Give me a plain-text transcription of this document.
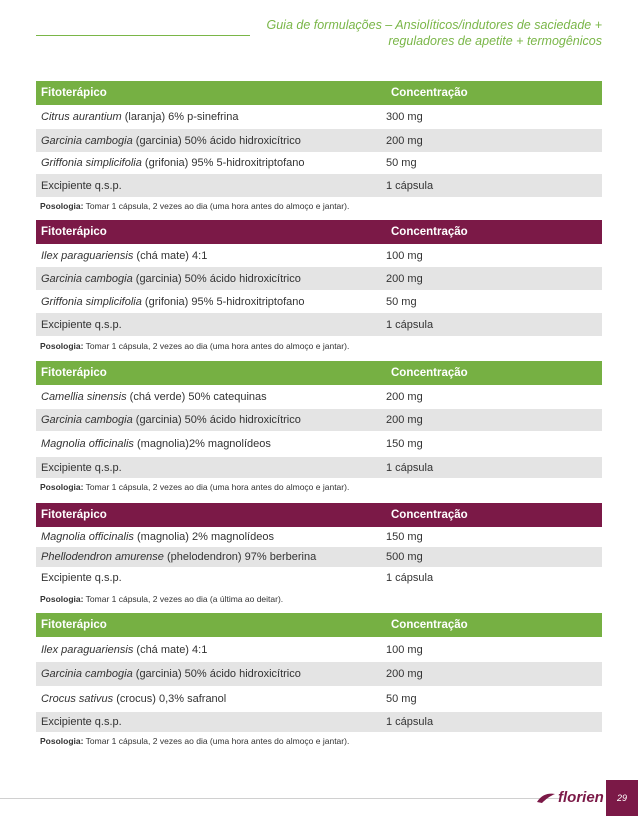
Guia de formulações – Ansiolíticos/indutores de saciedade + reguladores de apetite + termogênicos
Fitoterápico	Concentração
Citrus aurantium (laranja) 6% p-sinefrina	300 mg
Garcinia cambogia (garcinia) 50% ácido hidroxicítrico	200 mg
Griffonia simplicifolia (grifonia) 95% 5-hidroxitriptofano	50 mg
Excipiente q.s.p.	1 cápsula
Posologia: Tomar 1 cápsula, 2 vezes ao dia (uma hora antes do almoço e jantar).
Fitoterápico	Concentração
Ilex paraguariensis (chá mate) 4:1	100 mg
Garcinia cambogia (garcinia) 50% ácido hidroxicítrico	200 mg
Griffonia simplicifolia (grifonia) 95% 5-hidroxitriptofano	50 mg
Excipiente q.s.p.	1 cápsula
Posologia: Tomar 1 cápsula, 2 vezes ao dia (uma hora antes do almoço e jantar).
Fitoterápico	Concentração
Camellia sinensis (chá verde) 50% catequinas	200 mg
Garcinia cambogia (garcinia) 50% ácido hidroxicítrico	200 mg
Magnolia officinalis (magnolia)2% magnolídeos	150 mg
Excipiente q.s.p.	1 cápsula
Posologia: Tomar 1 cápsula, 2 vezes ao dia (uma hora antes do almoço e jantar).
Fitoterápico	Concentração
Magnolia officinalis (magnolia) 2% magnolídeos	150 mg
Phellodendron amurense (phelodendron) 97% berberina	500 mg
Excipiente q.s.p.	1 cápsula
Posologia: Tomar 1 cápsula, 2 vezes ao dia (a última ao deitar).
Fitoterápico	Concentração
Ilex paraguariensis (chá mate) 4:1	100 mg
Garcinia cambogia (garcinia) 50% ácido hidroxicítrico	200 mg
Crocus sativus (crocus) 0,3% safranol	50 mg
Excipiente q.s.p.	1 cápsula
Posologia: Tomar 1 cápsula, 2 vezes ao dia (uma hora antes do almoço e jantar).
florien	29
